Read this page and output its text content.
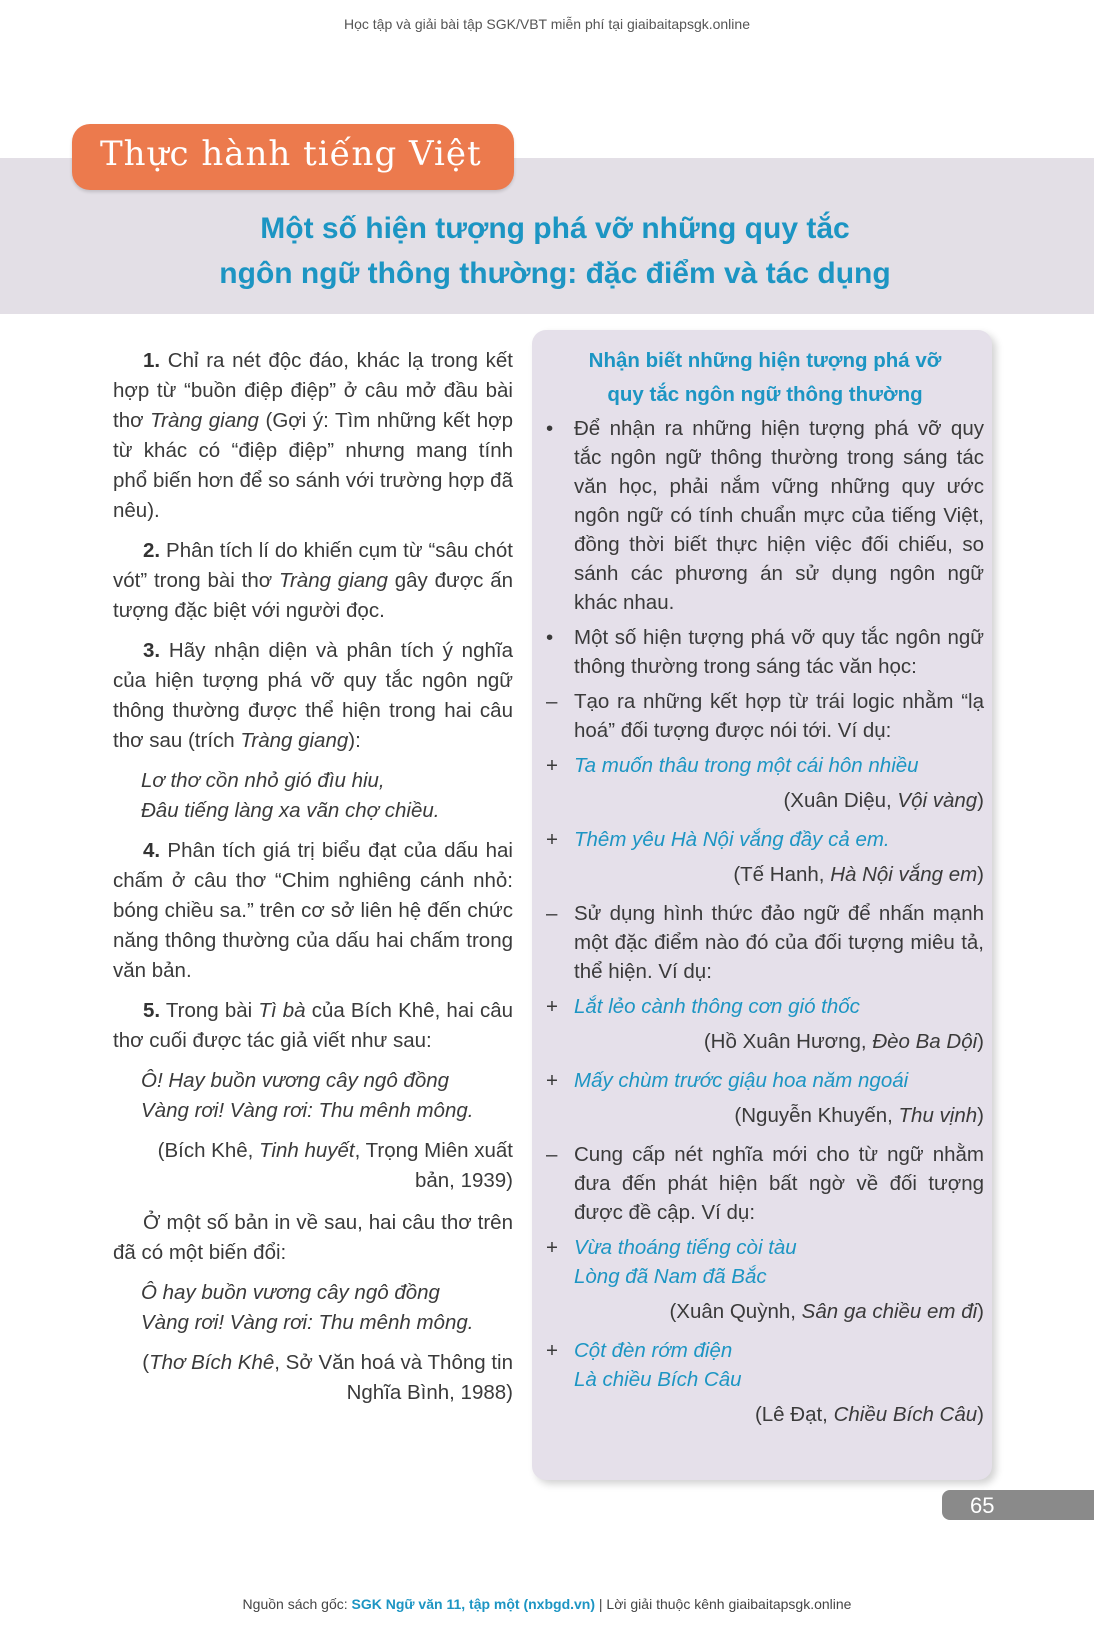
Học tập và giải bài tập SGK/VBT miễn phí tại giaibaitapsgk.online
Thực hành tiếng Việt
Một số hiện tượng phá vỡ những quy tắc
ngôn ngữ thông thường: đặc điểm và tác dụng

1. Chỉ ra nét độc đáo, khác lạ trong kết hợp từ “buồn điệp điệp” ở câu mở đầu bài thơ Tràng giang (Gợi ý: Tìm những kết hợp từ khác có “điệp điệp” nhưng mang tính phổ biến hơn để so sánh với trường hợp đã nêu).

2. Phân tích lí do khiến cụm từ “sâu chót vót” trong bài thơ Tràng giang gây được ấn tượng đặc biệt với người đọc.

3. Hãy nhận diện và phân tích ý nghĩa của hiện tượng phá vỡ quy tắc ngôn ngữ thông thường được thể hiện trong hai câu thơ sau (trích Tràng giang):

Lơ thơ cồn nhỏ gió đìu hiu,
Đâu tiếng làng xa vãn chợ chiều.

4. Phân tích giá trị biểu đạt của dấu hai chấm ở câu thơ “Chim nghiêng cánh nhỏ: bóng chiều sa.” trên cơ sở liên hệ đến chức năng thông thường của dấu hai chấm trong văn bản.

5. Trong bài Tì bà của Bích Khê, hai câu thơ cuối được tác giả viết như sau:

Ô! Hay buồn vương cây ngô đồng
Vàng rơi! Vàng rơi: Thu mênh mông.
(Bích Khê, Tinh huyết, Trọng Miên xuất bản, 1939)

Ở một số bản in về sau, hai câu thơ trên đã có một biến đổi:

Ô hay buồn vương cây ngô đồng
Vàng rơi! Vàng rơi: Thu mênh mông.
(Thơ Bích Khê, Sở Văn hoá và Thông tin Nghĩa Bình, 1988)
Nhận biết những hiện tượng phá vỡ
quy tắc ngôn ngữ thông thường
•	Để nhận ra những hiện tượng phá vỡ quy tắc ngôn ngữ thông thường trong sáng tác văn học, phải nắm vững những quy ước ngôn ngữ có tính chuẩn mực của tiếng Việt, đồng thời biết thực hiện việc đối chiếu, so sánh các phương án sử dụng ngôn ngữ khác nhau.
•	Một số hiện tượng phá vỡ quy tắc ngôn ngữ thông thường trong sáng tác văn học:
– Tạo ra những kết hợp từ trái logic nhằm “lạ hoá” đối tượng được nói tới. Ví dụ:
+ Ta muốn thâu trong một cái hôn nhiều
(Xuân Diệu, Vội vàng)
+ Thêm yêu Hà Nội vắng đầy cả em.
(Tế Hanh, Hà Nội vắng em)
– Sử dụng hình thức đảo ngữ để nhấn mạnh một đặc điểm nào đó của đối tượng miêu tả, thể hiện. Ví dụ:
+ Lắt lẻo cành thông cơn gió thốc
(Hồ Xuân Hương, Đèo Ba Dội)
+ Mấy chùm trước giậu hoa năm ngoái
(Nguyễn Khuyến, Thu vịnh)
– Cung cấp nét nghĩa mới cho từ ngữ nhằm đưa đến phát hiện bất ngờ về đối tượng được đề cập. Ví dụ:
+ Vừa thoáng tiếng còi tàu
Lòng đã Nam đã Bắc
(Xuân Quỳnh, Sân ga chiều em đi)
+ Cột đèn rớm điện
Là chiều Bích Câu
(Lê Đạt, Chiều Bích Câu)
65
Nguồn sách gốc: SGK Ngữ văn 11, tập một (nxbgd.vn) | Lời giải thuộc kênh giaibaitapsgk.online
